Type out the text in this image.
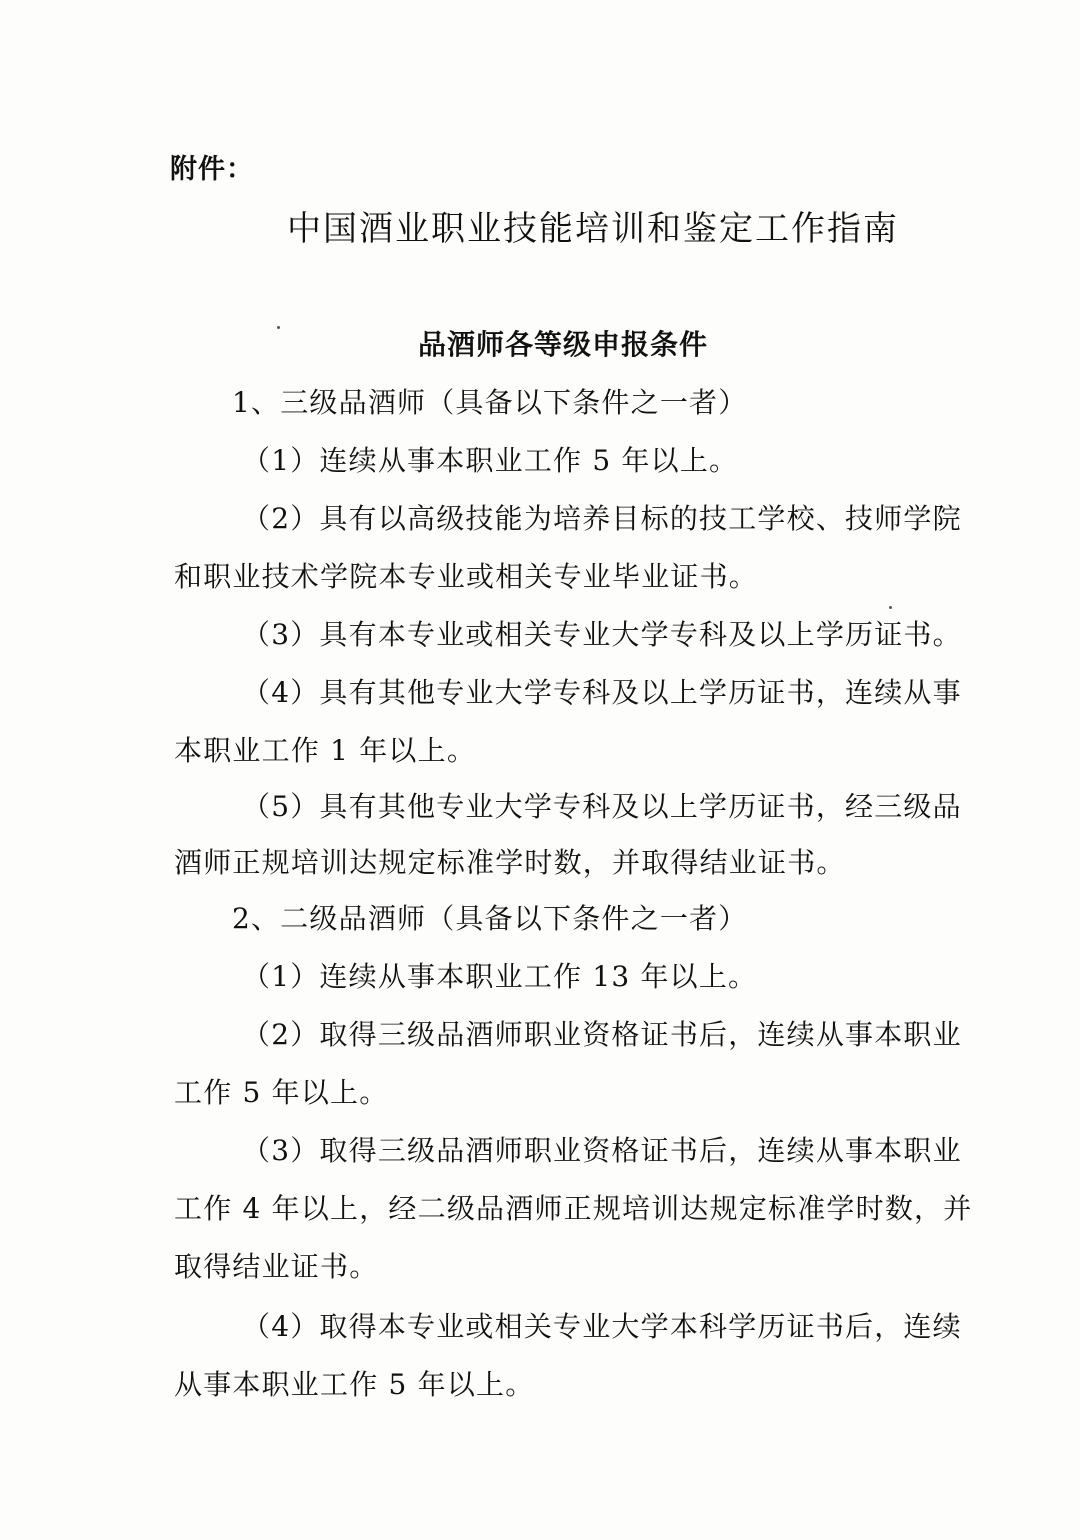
附件：
中国酒业职业技能培训和鉴定工作指南
品酒师各等级申报条件
1、三级品酒师（具备以下条件之一者）
（1）连续从事本职业工作 5 年以上。
（2）具有以高级技能为培养目标的技工学校、技师学院
和职业技术学院本专业或相关专业毕业证书。
（3）具有本专业或相关专业大学专科及以上学历证书。
（4）具有其他专业大学专科及以上学历证书，连续从事
本职业工作 1 年以上。
（5）具有其他专业大学专科及以上学历证书，经三级品
酒师正规培训达规定标准学时数，并取得结业证书。
2、二级品酒师（具备以下条件之一者）
（1）连续从事本职业工作 13 年以上。
（2）取得三级品酒师职业资格证书后，连续从事本职业
工作 5 年以上。
（3）取得三级品酒师职业资格证书后，连续从事本职业
工作 4 年以上，经二级品酒师正规培训达规定标准学时数，并
取得结业证书。
（4）取得本专业或相关专业大学本科学历证书后，连续
从事本职业工作 5 年以上。
